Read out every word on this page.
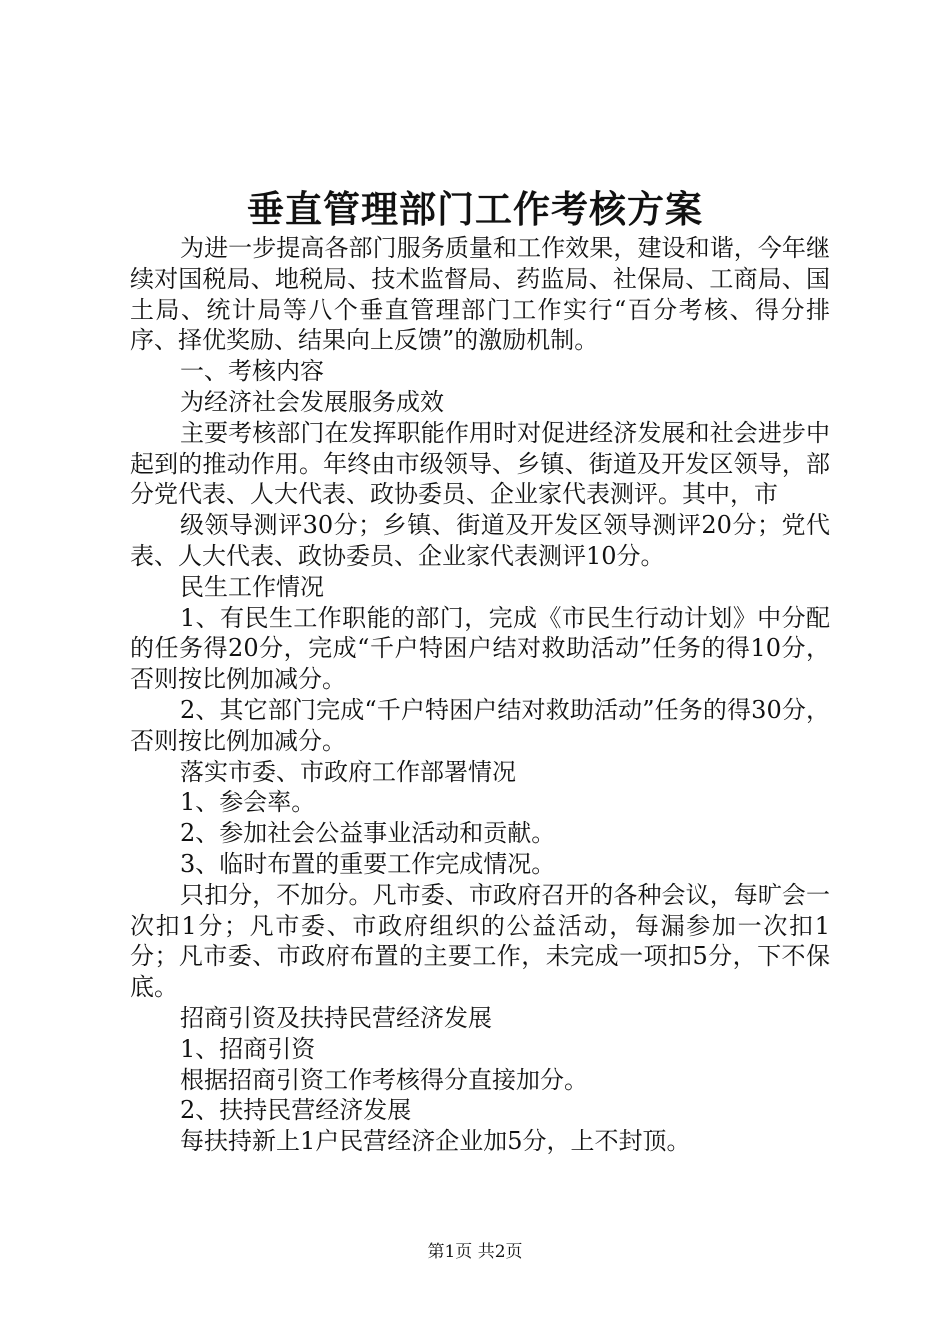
垂直管理部门工作考核方案

为进一步提高各部门服务质量和工作效果，建设和谐，今年继续对国税局、地税局、技术监督局、药监局、社保局、工商局、国土局、统计局等八个垂直管理部门工作实行“百分考核、得分排序、择优奖励、结果向上反馈”的激励机制。

一、考核内容

为经济社会发展服务成效

主要考核部门在发挥职能作用时对促进经济发展和社会进步中起到的推动作用。年终由市级领导、乡镇、街道及开发区领导，部分党代表、人大代表、政协委员、企业家代表测评。其中，市

级领导测评30分；乡镇、街道及开发区领导测评20分；党代表、人大代表、政协委员、企业家代表测评10分。

民生工作情况

1、有民生工作职能的部门，完成《市民生行动计划》中分配的任务得20分，完成“千户特困户结对救助活动”任务的得10分，否则按比例加减分。

2、其它部门完成“千户特困户结对救助活动”任务的得30分，否则按比例加减分。

落实市委、市政府工作部署情况

1、参会率。

2、参加社会公益事业活动和贡献。

3、临时布置的重要工作完成情况。

只扣分，不加分。凡市委、市政府召开的各种会议，每旷会一次扣1分；凡市委、市政府组织的公益活动，每漏参加一次扣1分；凡市委、市政府布置的主要工作，未完成一项扣5分，下不保底。

招商引资及扶持民营经济发展

1、招商引资

根据招商引资工作考核得分直接加分。

2、扶持民营经济发展

每扶持新上1户民营经济企业加5分，上不封顶。

第1页 共2页
